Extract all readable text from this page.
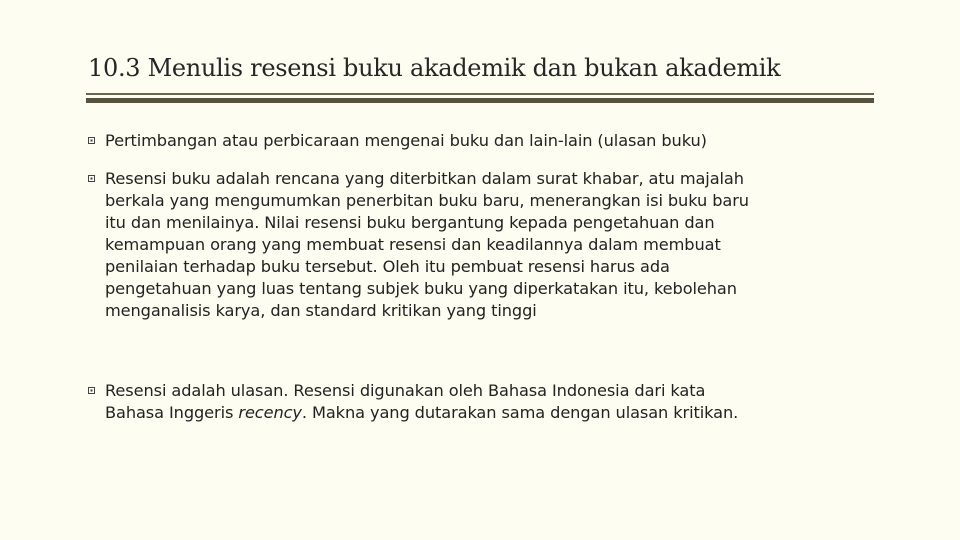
10.3 Menulis resensi buku akademik dan bukan akademik
Pertimbangan atau perbicaraan mengenai buku dan lain-lain (ulasan buku)
Resensi buku adalah rencana yang diterbitkan dalam surat khabar, atu majalah
berkala yang mengumumkan penerbitan buku baru, menerangkan isi buku baru
itu dan menilainya. Nilai resensi buku bergantung kepada pengetahuan dan
kemampuan orang yang membuat resensi dan keadilannya dalam membuat
penilaian terhadap buku tersebut. Oleh itu pembuat resensi harus ada
pengetahuan yang luas tentang subjek buku yang diperkatakan itu, kebolehan
menganalisis karya, dan standard kritikan yang tinggi
Resensi adalah ulasan. Resensi digunakan oleh Bahasa Indonesia dari kata
Bahasa Inggeris recency. Makna yang dutarakan sama dengan ulasan kritikan.
